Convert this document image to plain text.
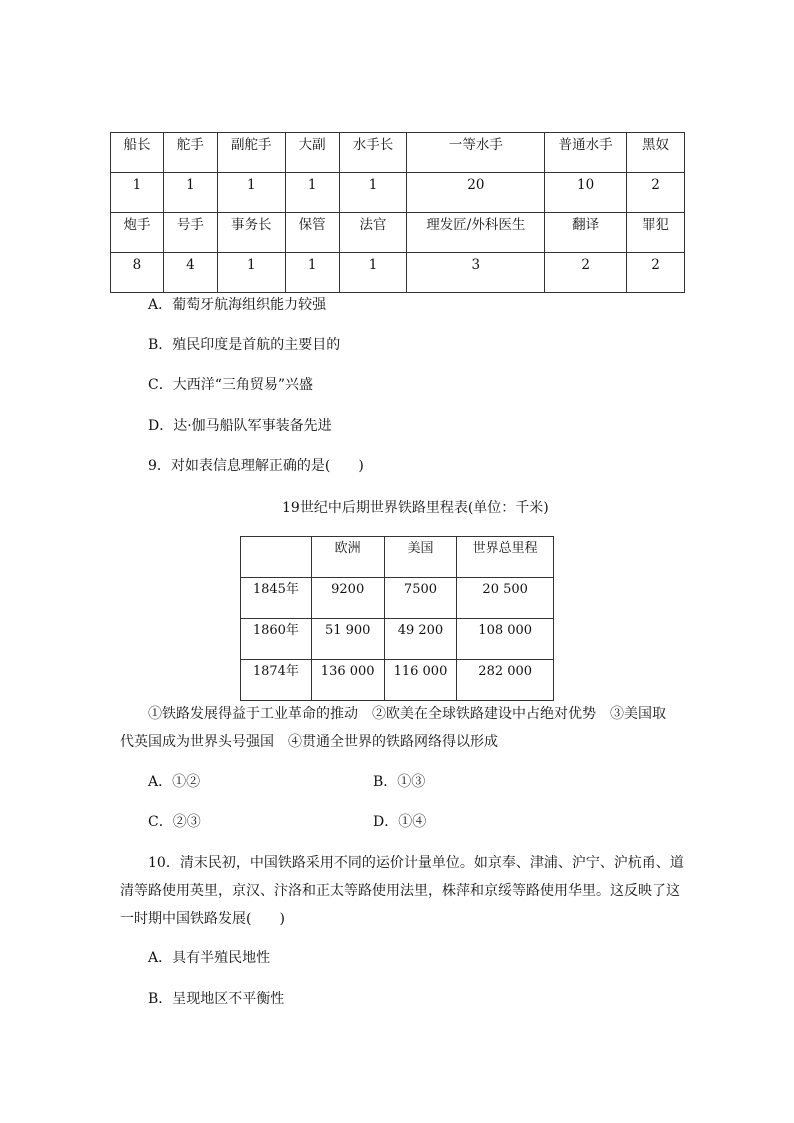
船长	舵手	副舵手	大副	水手长	一等水手	普通水手	黑奴
1	1	1	1	1	20	10	2
炮手	号手	事务长	保管	法官	理发匠/外科医生	翻译	罪犯
8	4	1	1	1	3	2	2
A．葡萄牙航海组织能力较强
B．殖民印度是首航的主要目的
C．大西洋“三角贸易”兴盛
D．达·伽马船队军事装备先进
9．对如表信息理解正确的是(　　)
19世纪中后期世界铁路里程表(单位：千米)
	欧洲	美国	世界总里程
1845年	9200	7500	20 500
1860年	51 900	49 200	108 000
1874年	136 000	116 000	282 000
①铁路发展得益于工业革命的推动　②欧美在全球铁路建设中占绝对优势　③美国取
代英国成为世界头号强国　④贯通全世界的铁路网络得以形成
A．①②	B．①③
C．②③	D．①④
10．清末民初，中国铁路采用不同的运价计量单位。如京奉、津浦、沪宁、沪杭甬、道
清等路使用英里，京汉、汴洛和正太等路使用法里，株萍和京绥等路使用华里。这反映了这
一时期中国铁路发展(　　)
A．具有半殖民地性
B．呈现地区不平衡性
